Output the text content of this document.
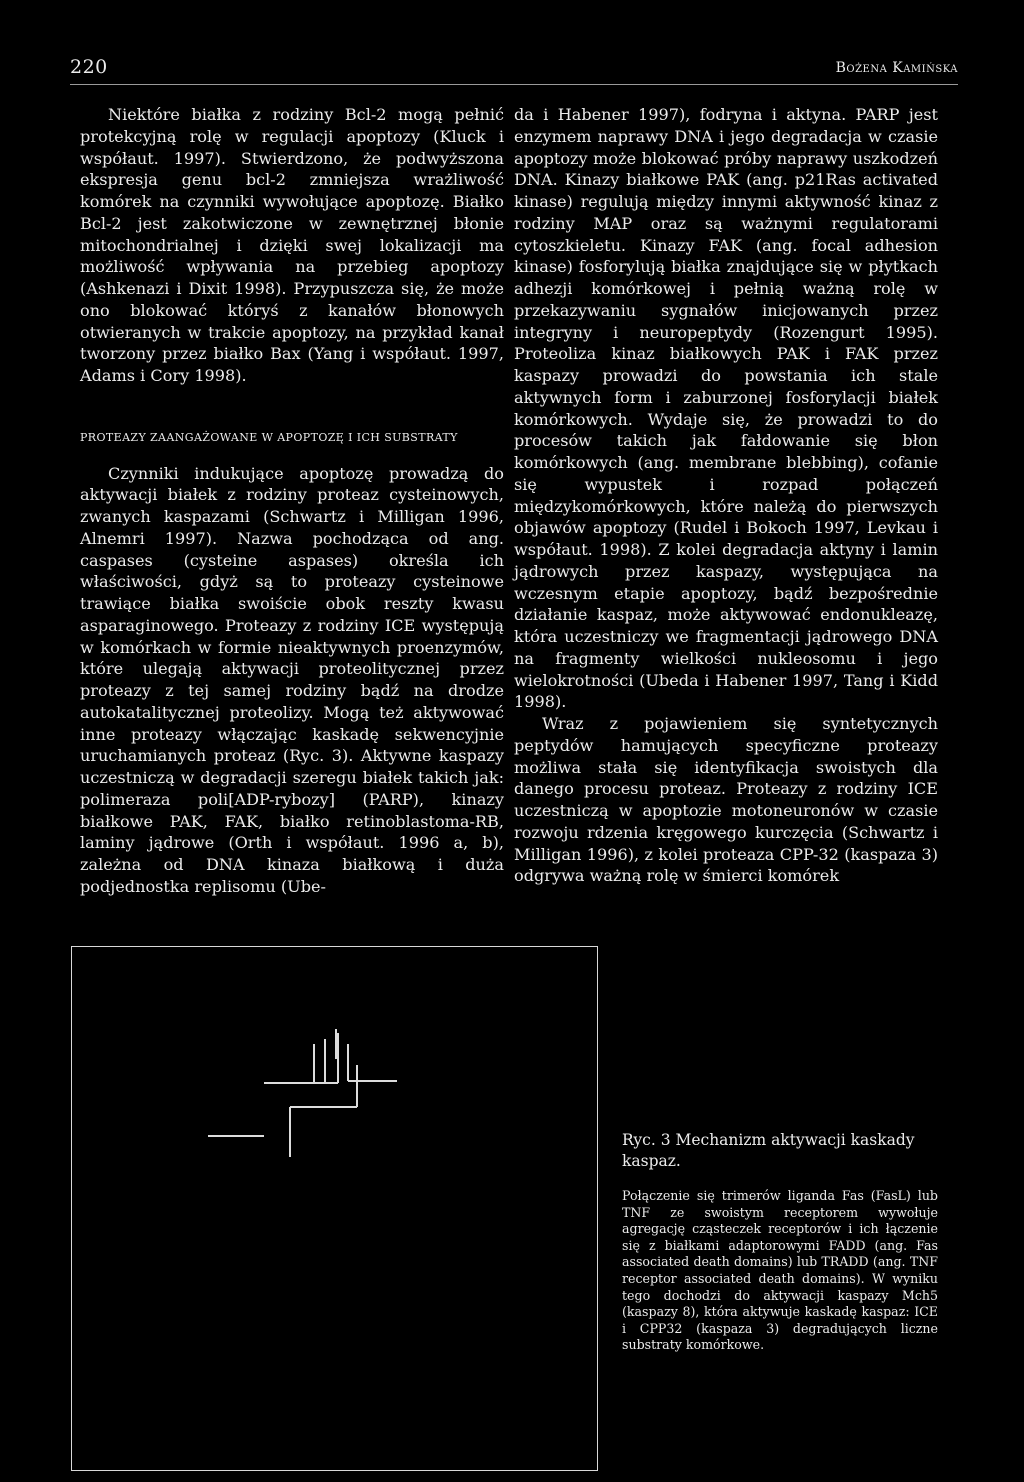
220	Bożena Kamińska

Niektóre białka z rodziny Bcl-2 mogą pełnić protekcyjną rolę w regulacji apoptozy (Kluck i współaut. 1997). Stwierdzono, że podwyższona ekspresja genu bcl-2 zmniejsza wrażliwość komórek na czynniki wywołujące apoptozę. Białko Bcl-2 jest zakotwiczone w zewnętrznej błonie mitochondrialnej i dzięki swej lokalizacji ma możliwość wpływania na przebieg apoptozy (Ashkenazi i Dixit 1998). Przypuszcza się, że może ono blokować któryś z kanałów błonowych otwieranych w trakcie apoptozy, na przykład kanał tworzony przez białko Bax (Yang i współaut. 1997, Adams i Cory 1998).

PROTEAZY ZAANGAŻOWANE W APOPTOZĘ I ICH SUBSTRATY

Czynniki indukujące apoptozę prowadzą do aktywacji białek z rodziny proteaz cysteinowych, zwanych kaspazami (Schwartz i Milligan 1996, Alnemri 1997). Nazwa pochodząca od ang. caspases (cysteine aspases) określa ich właściwości, gdyż są to proteazy cysteinowe trawiące białka swoiście obok reszty kwasu asparaginowego. Proteazy z rodziny ICE występują w komórkach w formie nieaktywnych proenzymów, które ulegają aktywacji proteolitycznej przez proteazy z tej samej rodziny bądź na drodze autokatalitycznej proteolizy. Mogą też aktywować inne proteazy włączając kaskadę sekwencyjnie uruchamianych proteaz (Ryc. 3). Aktywne kaspazy uczestniczą w degradacji szeregu białek takich jak: polimeraza poli[ADP-rybozy] (PARP), kinazy białkowe PAK, FAK, białko retinoblastoma-RB, laminy jądrowe (Orth i współaut. 1996 a, b), zależna od DNA kinaza białkową i duża podjednostka replisomu (Ube-

da i Habener 1997), fodryna i aktyna. PARP jest enzymem naprawy DNA i jego degradacja w czasie apoptozy może blokować próby naprawy uszkodzeń DNA. Kinazy białkowe PAK (ang. p21Ras activated kinase) regulują między innymi aktywność kinaz z rodziny MAP oraz są ważnymi regulatorami cytoszkieletu. Kinazy FAK (ang. focal adhesion kinase) fosforylują białka znajdujące się w płytkach adhezji komórkowej i pełnią ważną rolę w przekazywaniu sygnałów inicjowanych przez integryny i neuropeptydy (Rozengurt 1995). Proteoliza kinaz białkowych PAK i FAK przez kaspazy prowadzi do powstania ich stale aktywnych form i zaburzonej fosforylacji białek komórkowych. Wydaje się, że prowadzi to do procesów takich jak fałdowanie się błon komórkowych (ang. membrane blebbing), cofanie się wypustek i rozpad połączeń międzykomórkowych, które należą do pierwszych objawów apoptozy (Rudel i Bokoch 1997, Levkau i współaut. 1998). Z kolei degradacja aktyny i lamin jądrowych przez kaspazy, występująca na wczesnym etapie apoptozy, bądź bezpośrednie działanie kaspaz, może aktywować endonukleazę, która uczestniczy we fragmentacji jądrowego DNA na fragmenty wielkości nukleosomu i jego wielokrotności (Ubeda i Habener 1997, Tang i Kidd 1998).

Wraz z pojawieniem się syntetycznych peptydów hamujących specyficzne proteazy możliwa stała się identyfikacja swoistych dla danego procesu proteaz. Proteazy z rodziny ICE uczestniczą w apoptozie motoneuronów w czasie rozwoju rdzenia kręgowego kurczęcia (Schwartz i Milligan 1996), z kolei proteaza CPP-32 (kaspaza 3) odgrywa ważną rolę w śmierci komórek

Ryc. 3 Mechanizm aktywacji kaskady kaspaz.
Połączenie się trimerów liganda Fas (FasL) lub TNF ze swoistym receptorem wywołuje agregację cząsteczek receptorów i ich łączenie się z białkami adaptorowymi FADD (ang. Fas associated death domains) lub TRADD (ang. TNF receptor associated death domains). W wyniku tego dochodzi do aktywacji kaspazy Mch5 (kaspazy 8), która aktywuje kaskadę kaspaz: ICE i CPP32 (kaspaza 3) degradujących liczne substraty komórkowe.
